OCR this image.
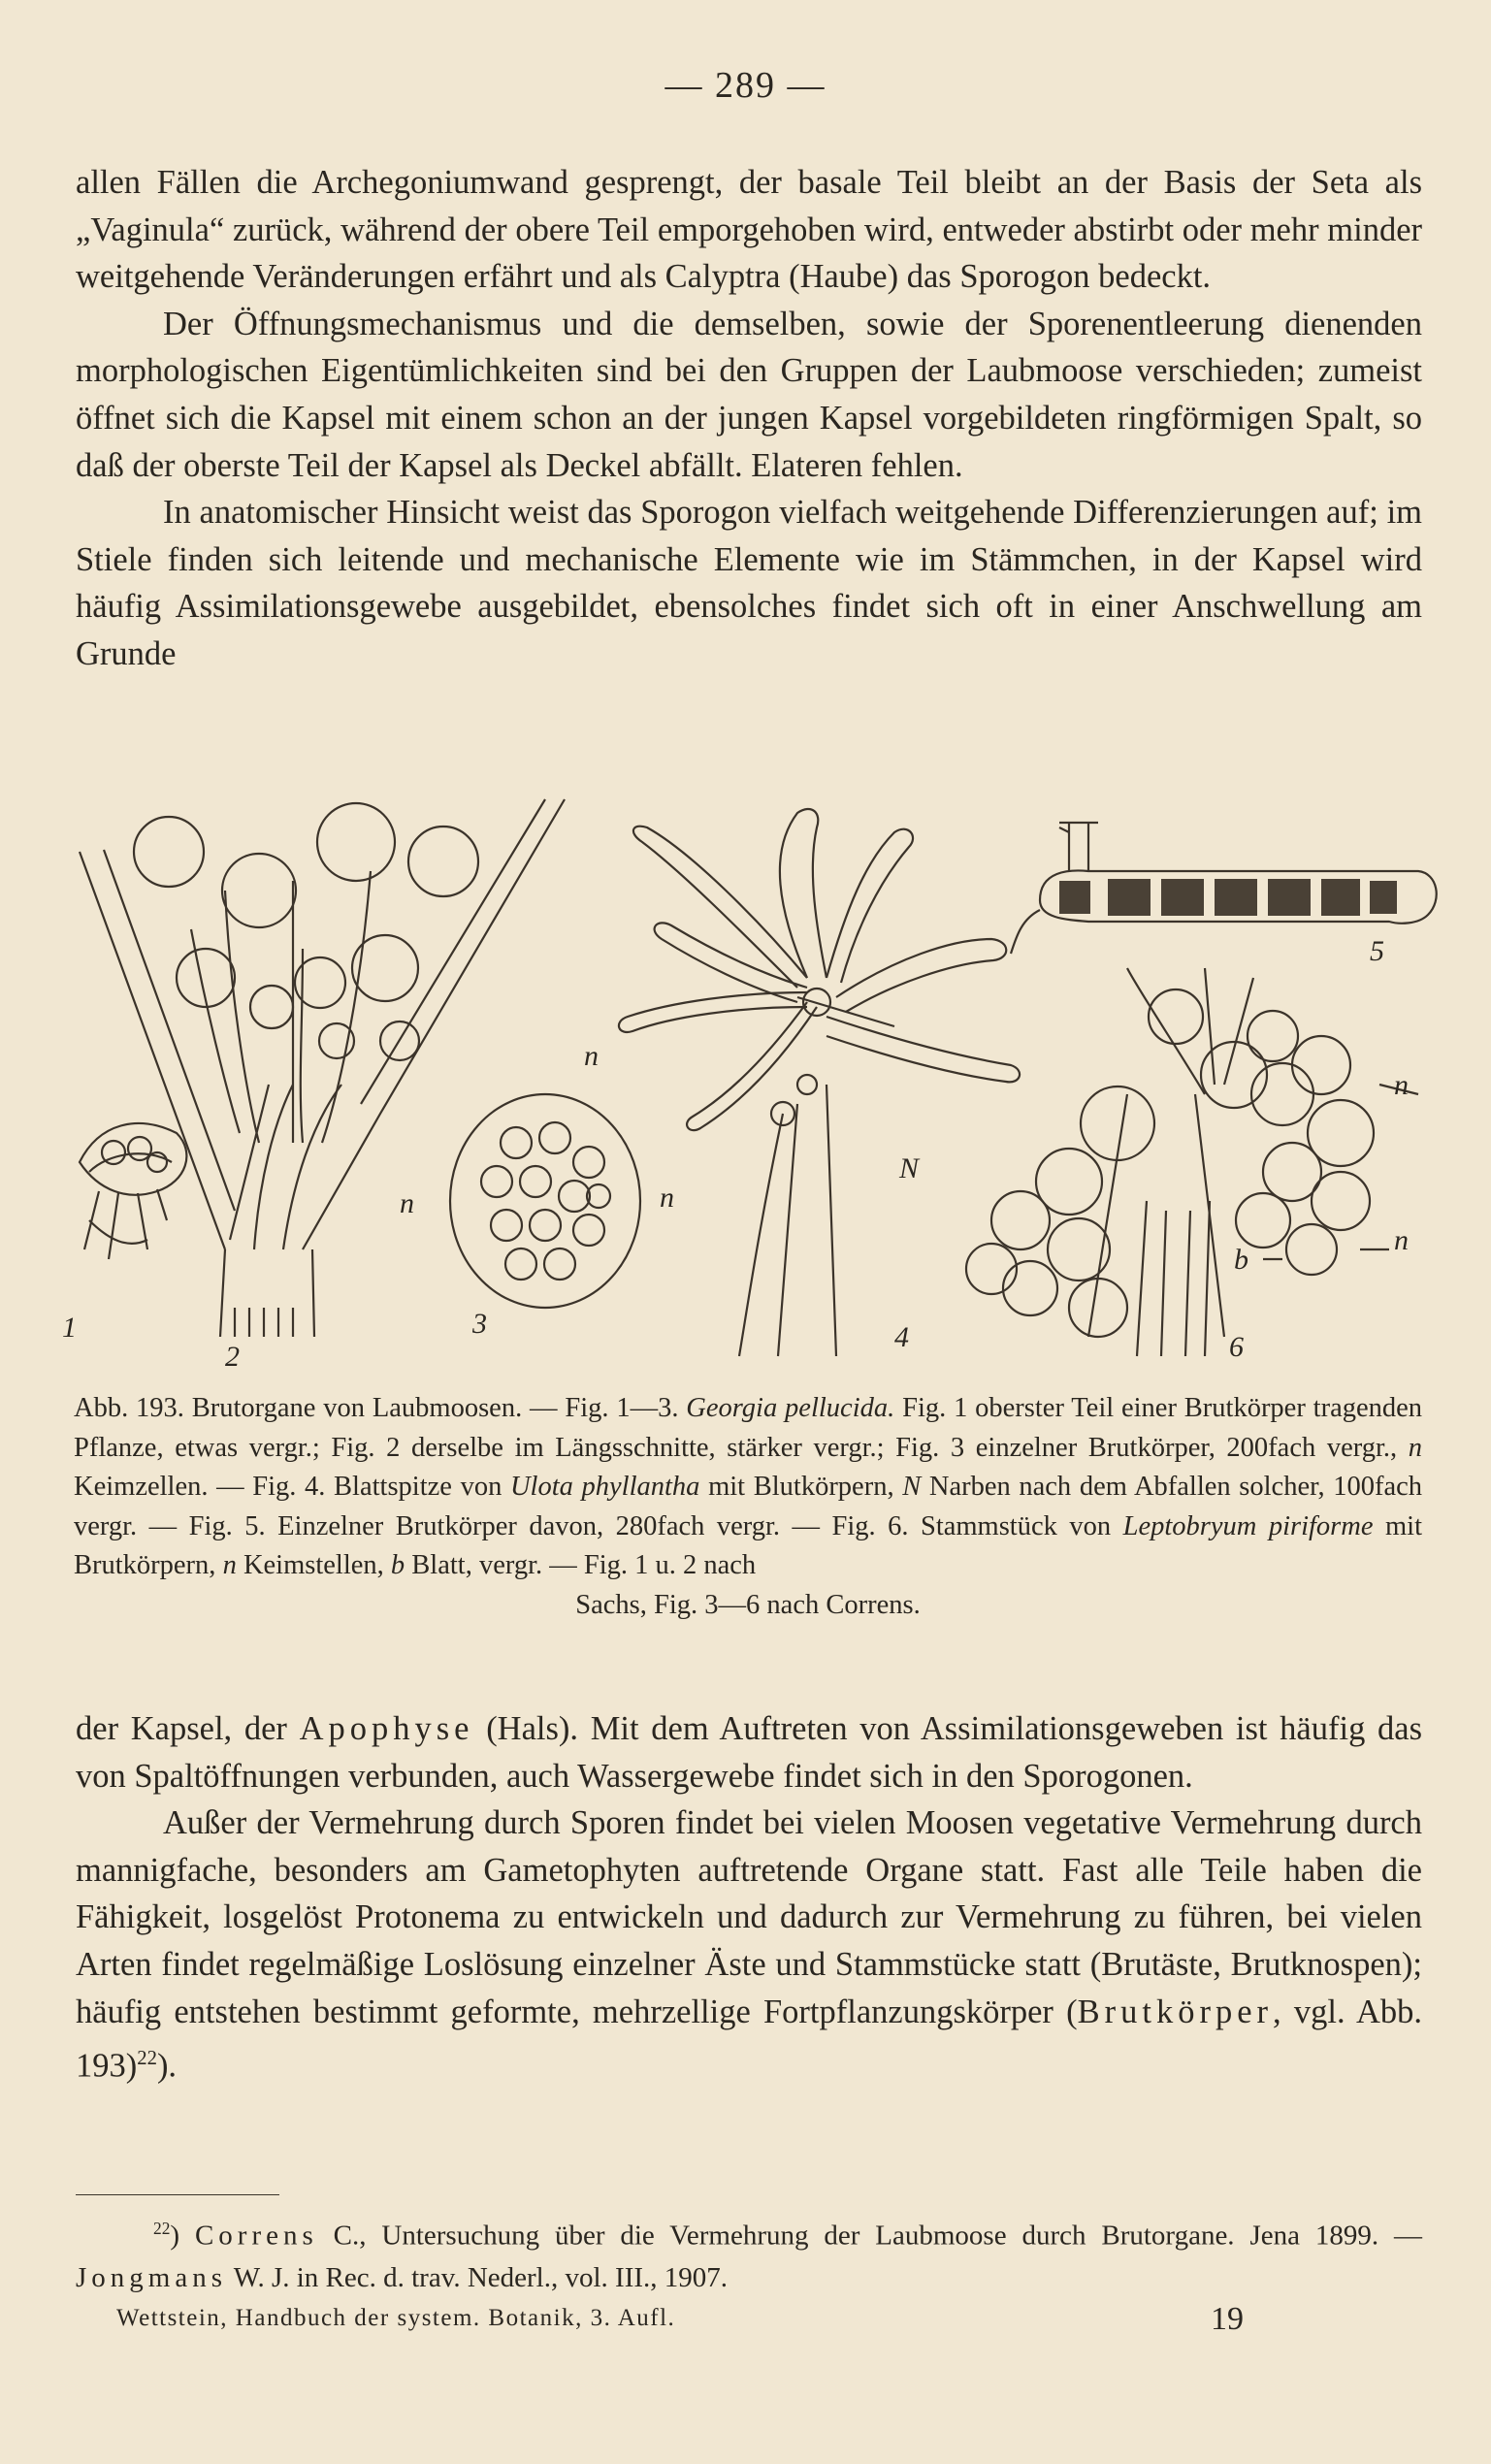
— 289 —

allen Fällen die Archegoniumwand gesprengt, der basale Teil bleibt an der Basis der Seta als „Vaginula“ zurück, während der obere Teil emporgehoben wird, entweder abstirbt oder mehr minder weitgehende Veränderungen erfährt und als Calyptra (Haube) das Sporogon bedeckt.

Der Öffnungsmechanismus und die demselben, sowie der Sporenentleerung dienenden morphologischen Eigentümlichkeiten sind bei den Gruppen der Laubmoose verschieden; zumeist öffnet sich die Kapsel mit einem schon an der jungen Kapsel vorgebildeten ringförmigen Spalt, so daß der oberste Teil der Kapsel als Deckel abfällt. Elateren fehlen.

In anatomischer Hinsicht weist das Sporogon vielfach weitgehende Differenzierungen auf; im Stiele finden sich leitende und mechanische Elemente wie im Stämmchen, in der Kapsel wird häufig Assimilationsgewebe ausgebildet, ebensolches findet sich oft in einer Anschwellung am Grunde

1
2
3	4
5
6
n
n	n
N
n
n
b

Abb. 193. Brutorgane von Laubmoosen. — Fig. 1—3. Georgia pellucida. Fig. 1 oberster Teil einer Brutkörper tragenden Pflanze, etwas vergr.; Fig. 2 derselbe im Längsschnitte, stärker vergr.; Fig. 3 einzelner Brutkörper, 200fach vergr., n Keimzellen. — Fig. 4. Blattspitze von Ulota phyllantha mit Blutkörpern, N Narben nach dem Abfallen solcher, 100fach vergr. — Fig. 5. Einzelner Brutkörper davon, 280fach vergr. — Fig. 6. Stammstück von Leptobryum piriforme mit Brutkörpern, n Keimstellen, b Blatt, vergr. — Fig. 1 u. 2 nach

Sachs, Fig. 3—6 nach Correns.

der Kapsel, der Apophyse (Hals). Mit dem Auftreten von Assimilationsgeweben ist häufig das von Spaltöffnungen verbunden, auch Wassergewebe findet sich in den Sporogonen.

Außer der Vermehrung durch Sporen findet bei vielen Moosen vegetative Vermehrung durch mannigfache, besonders am Gametophyten auftretende Organe statt. Fast alle Teile haben die Fähigkeit, losgelöst Protonema zu entwickeln und dadurch zur Vermehrung zu führen, bei vielen Arten findet regelmäßige Loslösung einzelner Äste und Stammstücke statt (Brutäste, Brutknospen); häufig entstehen bestimmt geformte, mehrzellige Fortpflanzungskörper (Brutkörper, vgl. Abb. 193)$^{22}$).

$^{22}$) Correns C., Untersuchung über die Vermehrung der Laubmoose durch Brutorgane. Jena 1899. — Jongmans W. J. in Rec. d. trav. Nederl., vol. III., 1907.

Wettstein, Handbuch der system. Botanik, 3. Aufl.	19
